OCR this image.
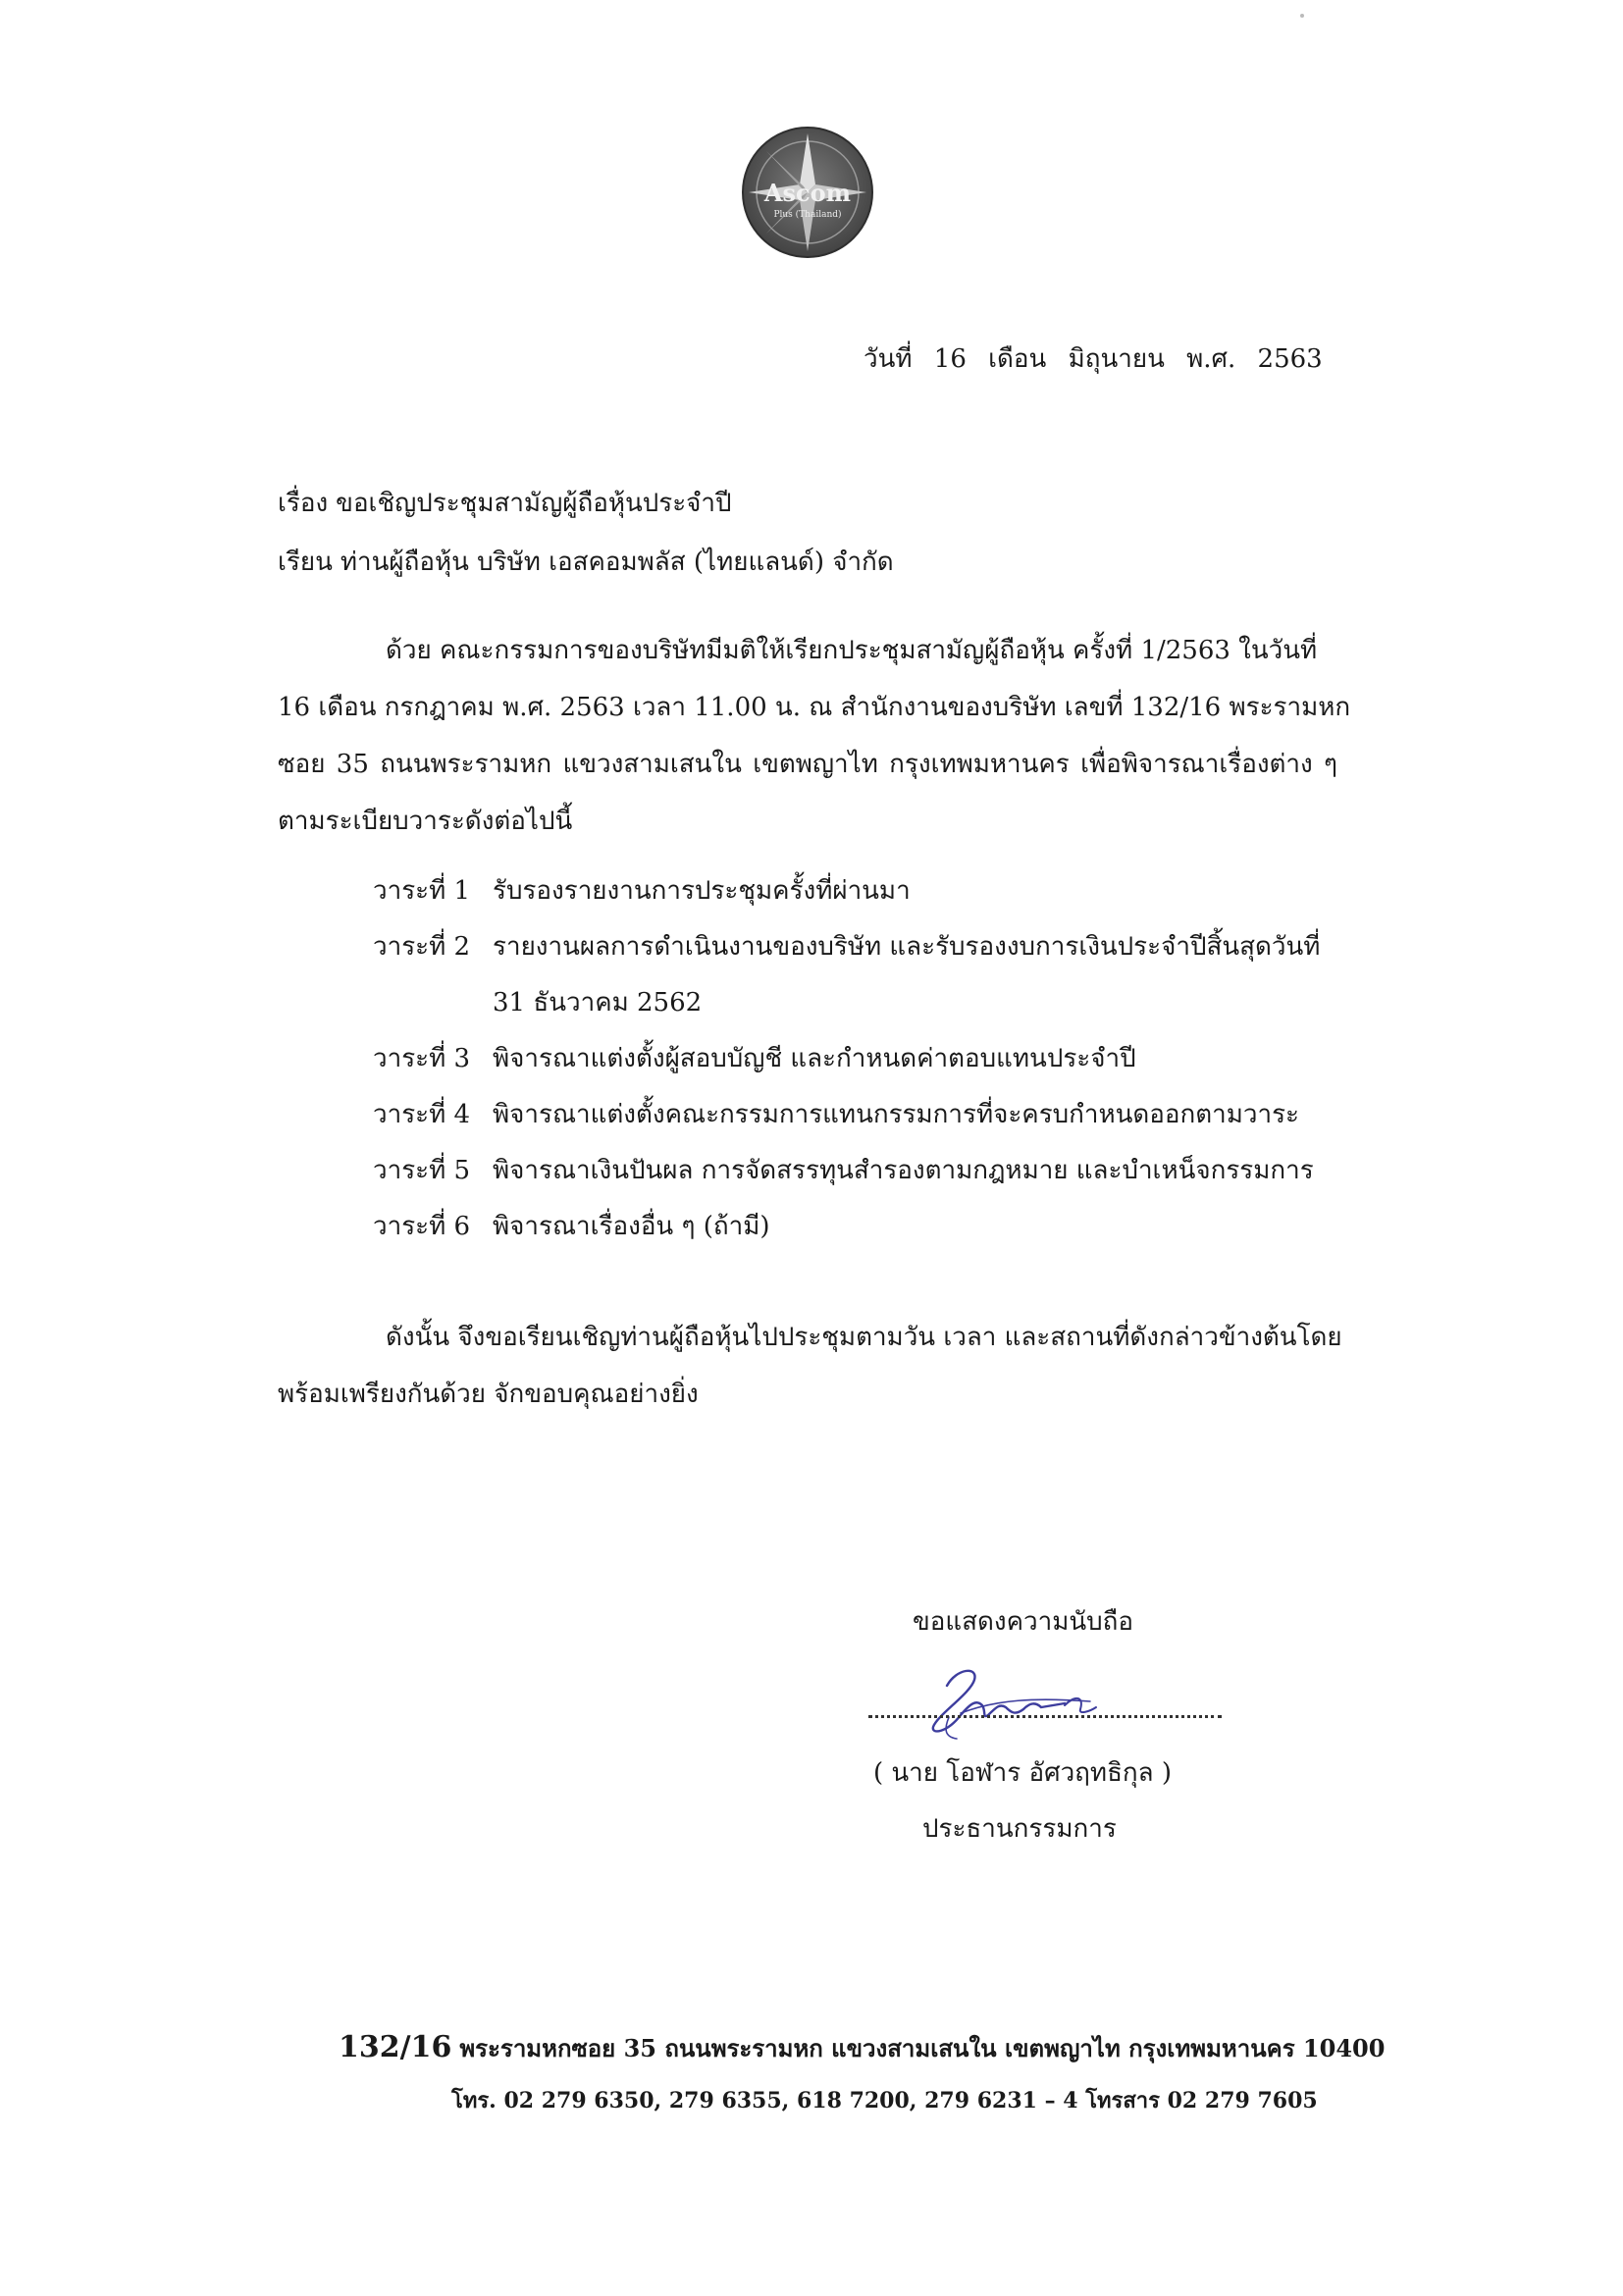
Ascom
Plus (Thailand)
วันที่ 16 เดือน มิถุนายน พ.ศ. 2563
เรื่อง ขอเชิญประชุมสามัญผู้ถือหุ้นประจำปี
เรียน ท่านผู้ถือหุ้น บริษัท เอสคอมพลัส (ไทยแลนด์) จำกัด
ด้วย คณะกรรมการของบริษัทมีมติให้เรียกประชุมสามัญผู้ถือหุ้น ครั้งที่ 1/2563 ในวันที่
16 เดือน กรกฎาคม พ.ศ. 2563 เวลา 11.00 น. ณ สำนักงานของบริษัท เลขที่ 132/16 พระรามหก
ซอย 35 ถนนพระรามหก แขวงสามเสนใน เขตพญาไท กรุงเทพมหานคร เพื่อพิจารณาเรื่องต่าง ๆ
ตามระเบียบวาระดังต่อไปนี้
วาระที่ 1 รับรองรายงานการประชุมครั้งที่ผ่านมา
วาระที่ 2 รายงานผลการดำเนินงานของบริษัท และรับรองงบการเงินประจำปีสิ้นสุดวันที่
31 ธันวาคม 2562
วาระที่ 3 พิจารณาแต่งตั้งผู้สอบบัญชี และกำหนดค่าตอบแทนประจำปี
วาระที่ 4 พิจารณาแต่งตั้งคณะกรรมการแทนกรรมการที่จะครบกำหนดออกตามวาระ
วาระที่ 5 พิจารณาเงินปันผล การจัดสรรทุนสำรองตามกฎหมาย และบำเหน็จกรรมการ
วาระที่ 6 พิจารณาเรื่องอื่น ๆ (ถ้ามี)
ดังนั้น จึงขอเรียนเชิญท่านผู้ถือหุ้นไปประชุมตามวัน เวลา และสถานที่ดังกล่าวข้างต้นโดย
พร้อมเพรียงกันด้วย จักขอบคุณอย่างยิ่ง
ขอแสดงความนับถือ
( นาย โอฬาร อัศวฤทธิกุล )
ประธานกรรมการ
132/16 พระรามหกซอย 35 ถนนพระรามหก แขวงสามเสนใน เขตพญาไท กรุงเทพมหานคร 10400
โทร. 02 279 6350, 279 6355, 618 7200, 279 6231 – 4 โทรสาร 02 279 7605
